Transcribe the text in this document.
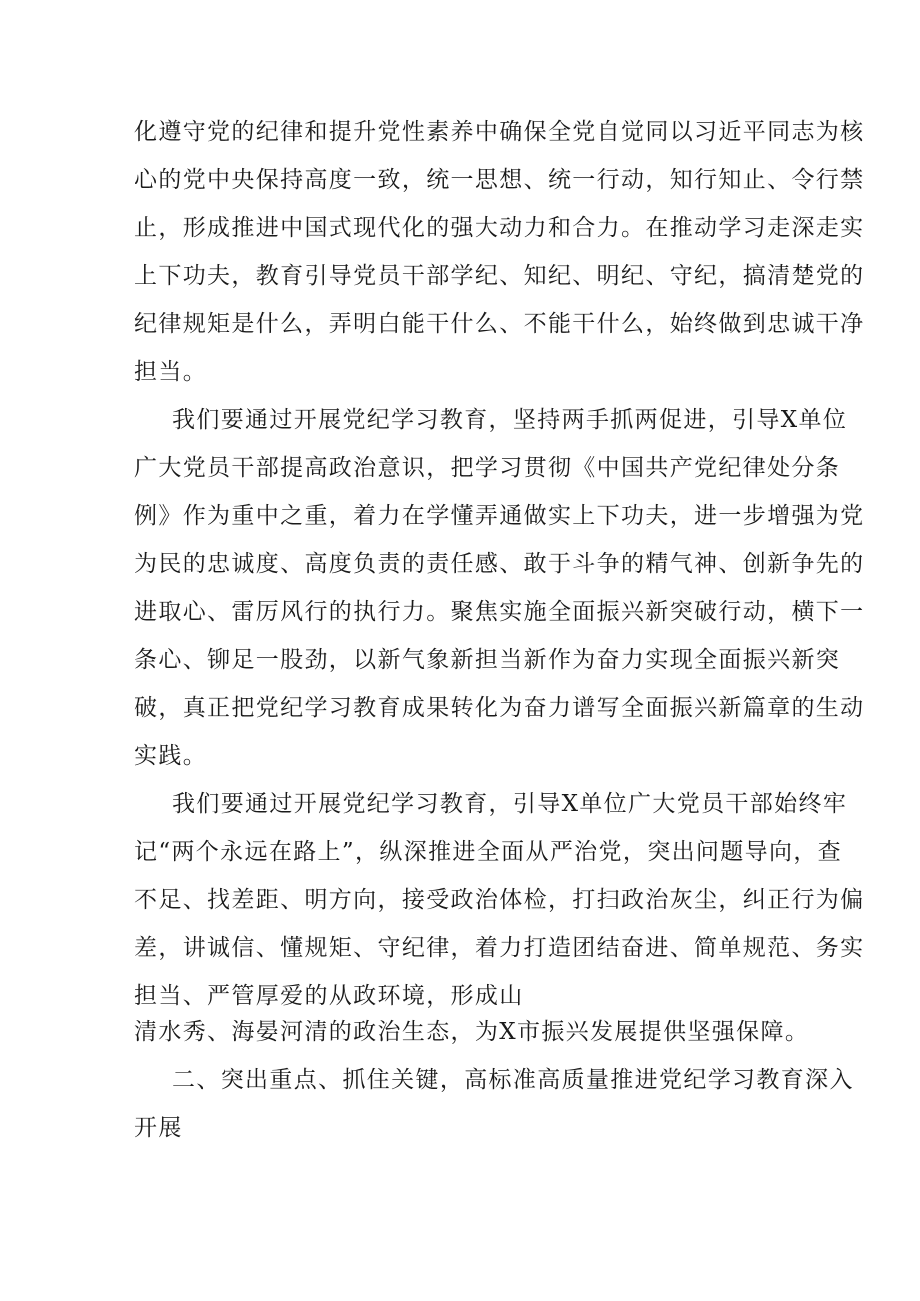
化遵守党的纪律和提升党性素养中确保全党自觉同以习近平同志为核
心的党中央保持高度一致，统一思想、统一行动，知行知止、令行禁
止，形成推进中国式现代化的强大动力和合力。在推动学习走深走实
上下功夫，教育引导党员干部学纪、知纪、明纪、守纪，搞清楚党的
纪律规矩是什么，弄明白能干什么、不能干什么，始终做到忠诚干净
担当。
我们要通过开展党纪学习教育，坚持两手抓两促进，引导X单位
广大党员干部提高政治意识，把学习贯彻《中国共产党纪律处分条
例》作为重中之重，着力在学懂弄通做实上下功夫，进一步增强为党
为民的忠诚度、高度负责的责任感、敢于斗争的精气神、创新争先的
进取心、雷厉风行的执行力。聚焦实施全面振兴新突破行动，横下一
条心、铆足一股劲，以新气象新担当新作为奋力实现全面振兴新突
破，真正把党纪学习教育成果转化为奋力谱写全面振兴新篇章的生动
实践。
我们要通过开展党纪学习教育，引导X单位广大党员干部始终牢
记“两个永远在路上”，纵深推进全面从严治党，突出问题导向，查
不足、找差距、明方向，接受政治体检，打扫政治灰尘，纠正行为偏
差，讲诚信、懂规矩、守纪律，着力打造团结奋进、简单规范、务实
担当、严管厚爱的从政环境，形成山
清水秀、海晏河清的政治生态，为X市振兴发展提供坚强保障。
二、突出重点、抓住关键，高标准高质量推进党纪学习教育深入
开展
